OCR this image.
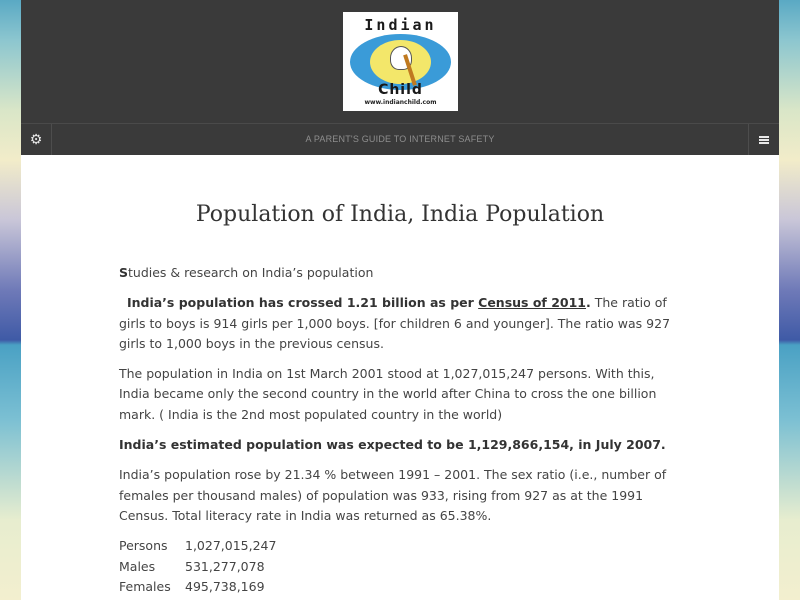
Indian
Child
www.indianchild.com
⚙	A PARENT'S GUIDE TO INTERNET SAFETY
Population of India, India Population

Studies & research on India’s population

India’s population has crossed 1.21 billion as per Census of 2011. The ratio of girls to boys is 914 girls per 1,000 boys. [for children 6 and younger]. The ratio was 927 girls to 1,000 boys in the previous census.

The population in India on 1st March 2001 stood at 1,027,015,247 persons. With this, India became only the second country in the world after China to cross the one billion mark. ( India is the 2nd most populated country in the world)

India’s estimated population was expected to be 1,129,866,154, in July 2007.

India’s population rose by 21.34 % between 1991 – 2001. The sex ratio (i.e., number of females per thousand males) of population was 933, rising from 927 as at the 1991 Census. Total literacy rate in India was returned as 65.38%.

Persons	1,027,015,247
Males	531,277,078
Females	495,738,169
